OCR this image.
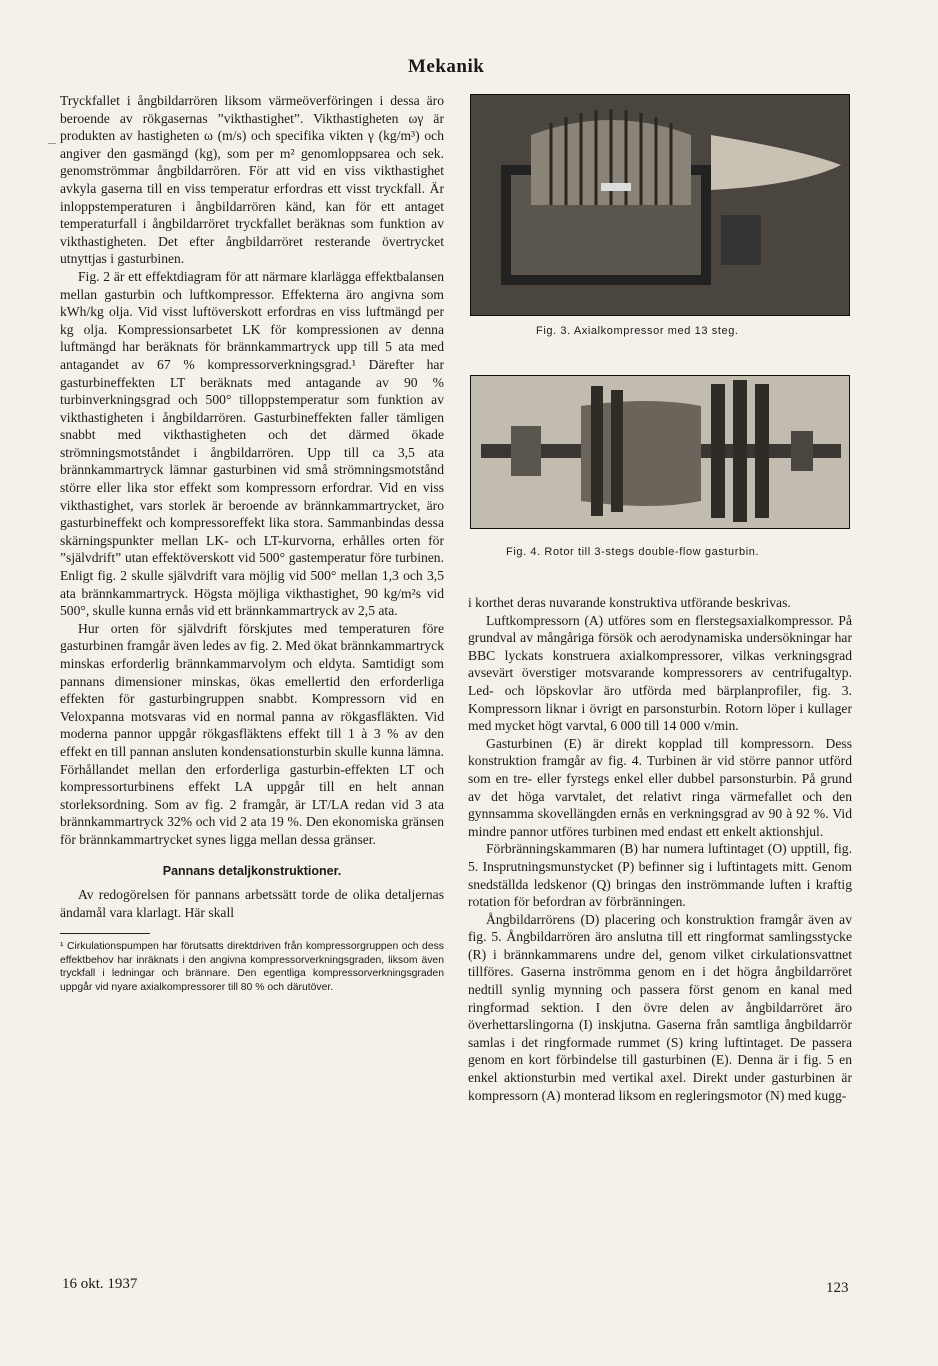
Mekanik

Tryckfallet i ångbildarrören liksom värmeöverföringen i dessa äro beroende av rökgasernas ”vikthastighet”. Vikthastigheten ωγ är produkten av hastigheten ω (m/s) och specifika vikten γ (kg/m³) och angiver den gasmängd (kg), som per m² genomloppsarea och sek. genomströmmar ångbildarrören. För att vid en viss vikthastighet avkyla gaserna till en viss temperatur erfordras ett visst tryckfall. Är inloppstemperaturen i ångbildarrören känd, kan för ett antaget temperaturfall i ångbildarröret tryckfallet beräknas som funktion av vikthastigheten. Det efter ångbildarröret resterande övertrycket utnyttjas i gasturbinen.

Fig. 2 är ett effektdiagram för att närmare klarlägga effektbalansen mellan gasturbin och luftkompressor. Effekterna äro angivna som kWh/kg olja. Vid visst luftöverskott erfordras en viss luftmängd per kg olja. Kompressionsarbetet LK för kompressionen av denna luftmängd har beräknats för brännkammartryck upp till 5 ata med antagandet av 67 % kompressorverkningsgrad.¹ Därefter har gasturbineffekten LT beräknats med antagande av 90 % turbinverkningsgrad och 500° tilloppstemperatur som funktion av vikthastigheten i ångbildarrören. Gasturbineffekten faller tämligen snabbt med vikthastigheten och det därmed ökade strömningsmotståndet i ångbildarrören. Upp till ca 3,5 ata brännkammartryck lämnar gasturbinen vid små strömningsmotstånd större eller lika stor effekt som kompressorn erfordrar. Vid en viss vikthastighet, vars storlek är beroende av brännkammartrycket, äro gasturbineffekt och kompressoreffekt lika stora. Sammanbindas dessa skärningspunkter mellan LK- och LT-kurvorna, erhålles orten för ”självdrift” utan effektöverskott vid 500° gastemperatur före turbinen. Enligt fig. 2 skulle självdrift vara möjlig vid 500° mellan 1,3 och 3,5 ata brännkammartryck. Högsta möjliga vikthastighet, 90 kg/m²s vid 500°, skulle kunna ernås vid ett brännkammartryck av 2,5 ata.

Hur orten för självdrift förskjutes med temperaturen före gasturbinen framgår även ledes av fig. 2. Med ökat brännkammartryck minskas erforderlig brännkammarvolym och eldyta. Samtidigt som pannans dimensioner minskas, ökas emellertid den erforderliga effekten för gasturbingruppen snabbt. Kompressorn vid en Veloxpanna motsvaras vid en normal panna av rökgasfläkten. Vid moderna pannor uppgår rökgasfläktens effekt till 1 à 3 % av den effekt en till pannan ansluten kondensationsturbin skulle kunna lämna. Förhållandet mellan den erforderliga gasturbin-effekten LT och kompressorturbinens effekt LA uppgår till en helt annan storleksordning. Som av fig. 2 framgår, är LT/LA redan vid 3 ata brännkammartryck 32% och vid 2 ata 19 %. Den ekonomiska gränsen för brännkammartrycket synes ligga mellan dessa gränser.

Pannans detaljkonstruktioner.

Av redogörelsen för pannans arbetssätt torde de olika detaljernas ändamål vara klarlagt. Här skall

¹ Cirkulationspumpen har förutsatts direktdriven från kompressorgruppen och dess effektbehov har inräknats i den angivna kompressorverkningsgraden, liksom även tryckfall i ledningar och brännare. Den egentliga kompressorverkningsgraden uppgår vid nyare axialkompressorer till 80 % och därutöver.
Fig. 3. Axialkompressor med 13 steg.
Fig. 4. Rotor till 3-stegs double-flow gasturbin.

i korthet deras nuvarande konstruktiva utförande beskrivas.

Luftkompressorn (A) utföres som en flerstegsaxialkompressor. På grundval av mångåriga försök och aerodynamiska undersökningar har BBC lyckats konstruera axialkompressorer, vilkas verkningsgrad avsevärt överstiger motsvarande kompressorers av centrifugaltyp. Led- och löpskovlar äro utförda med bärplanprofiler, fig. 3. Kompressorn liknar i övrigt en parsonsturbin. Rotorn löper i kullager med mycket högt varvtal, 6 000 till 14 000 v/min.

Gasturbinen (E) är direkt kopplad till kompressorn. Dess konstruktion framgår av fig. 4. Turbinen är vid större pannor utförd som en tre- eller fyrstegs enkel eller dubbel parsonsturbin. På grund av det höga varvtalet, det relativt ringa värmefallet och den gynnsamma skovellängden ernås en verkningsgrad av 90 à 92 %. Vid mindre pannor utföres turbinen med endast ett enkelt aktionshjul.

Förbränningskammaren (B) har numera luftintaget (O) upptill, fig. 5. Insprutningsmunstycket (P) befinner sig i luftintagets mitt. Genom snedställda ledskenor (Q) bringas den inströmmande luften i kraftig rotation för befordran av förbränningen.

Ångbildarrörens (D) placering och konstruktion framgår även av fig. 5. Ångbildarrören äro anslutna till ett ringformat samlingsstycke (R) i brännkammarens undre del, genom vilket cirkulationsvattnet tillföres. Gaserna inströmma genom en i det högra ångbildarröret nedtill synlig mynning och passera först genom en kanal med ringformad sektion. I den övre delen av ångbildarröret äro överhettarslingorna (I) inskjutna. Gaserna från samtliga ångbildarrör samlas i det ringformade rummet (S) kring luftintaget. De passera genom en kort förbindelse till gasturbinen (E). Denna är i fig. 5 en enkel aktionsturbin med vertikal axel. Direkt under gasturbinen är kompressorn (A) monterad liksom en regleringsmotor (N) med kugg-

16 okt. 1937	123
